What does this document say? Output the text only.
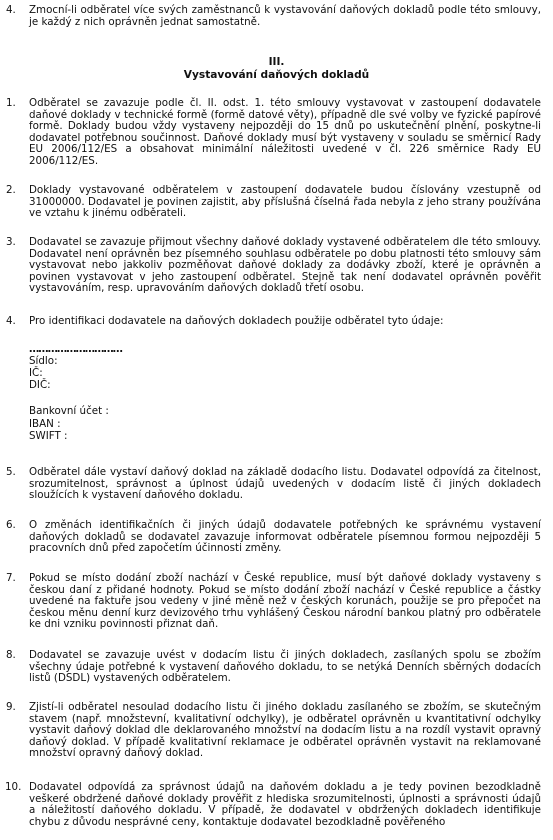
4.	Zmocní-li odběratel více svých zaměstnanců k vystavování daňových dokladů podle této smlouvy, je každý z nich oprávněn jednat samostatně.

III.
Vystavování daňových dokladů
1.	Odběratel se zavazuje podle čl. II. odst. 1. této smlouvy vystavovat v zastoupení dodavatele daňové doklady v technické formě (formě datové věty), případně dle své volby ve fyzické papírové formě. Doklady budou vždy vystaveny nejpozději do 15 dnů po uskutečnění plnění, poskytne-li dodavatel potřebnou součinnost. Daňové doklady musí být vystaveny v souladu se směrnicí Rady EU 2006/112/ES a obsahovat minimální náležitosti uvedené v čl. 226 směrnice Rady EU 2006/112/ES.

2.	Doklady vystavované odběratelem v zastoupení dodavatele budou číslovány vzestupně od 31000000. Dodavatel je povinen zajistit, aby příslušná číselná řada nebyla z jeho strany používána ve vztahu k jinému odběrateli.

3.	Dodavatel se zavazuje přijmout všechny daňové doklady vystavené odběratelem dle této smlouvy. Dodavatel není oprávněn bez písemného souhlasu odběratele po dobu platnosti této smlouvy sám vystavovat nebo jakkoliv pozměňovat daňové doklady za dodávky zboží, které je oprávněn a povinen vystavovat v jeho zastoupení odběratel. Stejně tak není dodavatel oprávněn pověřit vystavováním, resp. upravováním daňových dokladů třetí osobu.

4.	Pro identifikaci dodavatele na daňových dokladech použije odběratel tyto údaje:

…………………………
Sídlo:
IČ:
DIČ:
Bankovní účet :
IBAN :
SWIFT :
5.	Odběratel dále vystaví daňový doklad na základě dodacího listu. Dodavatel odpovídá za čitelnost, srozumitelnost, správnost a úplnost údajů uvedených v dodacím listě či jiných dokladech sloužících k vystavení daňového dokladu.

6.	O změnách identifikačních či jiných údajů dodavatele potřebných ke správnému vystavení daňových dokladů se dodavatel zavazuje informovat odběratele písemnou formou nejpozději 5 pracovních dnů před započetím účinnosti změny.

7.	Pokud se místo dodání zboží nachází v České republice, musí být daňové doklady vystaveny s českou daní z přidané hodnoty. Pokud se místo dodání zboží nachází v České republice a částky uvedené na faktuře jsou vedeny v jiné měně než v českých korunách, použije se pro přepočet na českou měnu denní kurz devizového trhu vyhlášený Českou národní bankou platný pro odběratele ke dni vzniku povinnosti přiznat daň.

8.	Dodavatel se zavazuje uvést v dodacím listu či jiných dokladech, zasílaných spolu se zbožím všechny údaje potřebné k vystavení daňového dokladu, to se netýká Denních sběrných dodacích listů (DSDL) vystavených odběratelem.

9.	Zjistí-li odběratel nesoulad dodacího listu či jiného dokladu zasílaného se zbožím, se skutečným stavem (např. množstevní, kvalitativní odchylky), je odběratel oprávněn u kvantitativní odchylky vystavit daňový doklad dle deklarovaného množství na dodacím listu a na rozdíl vystavit opravný daňový doklad. V případě kvalitativní reklamace je odběratel oprávněn vystavit na reklamované množství opravný daňový doklad.

10. Dodavatel odpovídá za správnost údajů na daňovém dokladu a je tedy povinen bezodkladně veškeré obdržené daňové doklady prověřit z hlediska srozumitelnosti, úplnosti a správnosti údajů a náležitostí daňového dokladu. V případě, že dodavatel v obdržených dokladech identifikuje chybu z důvodu nesprávné ceny, kontaktuje dodavatel bezodkladně pověřeného
